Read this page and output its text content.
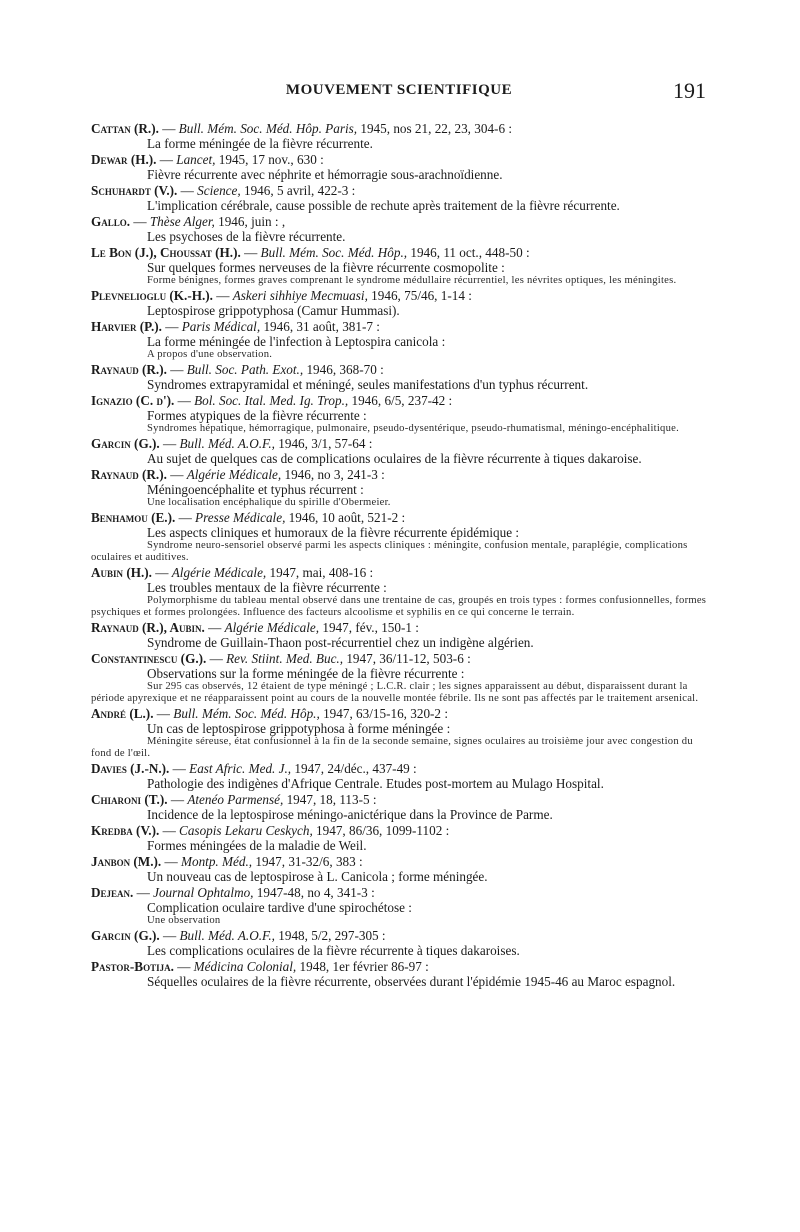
MOUVEMENT SCIENTIFIQUE	191
Cattan (R.). — Bull. Mém. Soc. Méd. Hôp. Paris, 1945, nos 21, 22, 23, 304-6 :
La forme méningée de la fièvre récurrente.
Dewar (H.). — Lancet, 1945, 17 nov., 630 :
Fièvre récurrente avec néphrite et hémorragie sous-arachnoïdienne.
Schuhardt (V.). — Science, 1946, 5 avril, 422-3 :
L'implication cérébrale, cause possible de rechute après traitement de la fièvre récurrente.
Gallo. — Thèse Alger, 1946, juin : ,
Les psychoses de la fièvre récurrente.
Le Bon (J.), Choussat (H.). — Bull. Mém. Soc. Méd. Hôp., 1946, 11 oct., 448-50 :
Sur quelques formes nerveuses de la fièvre récurrente cosmopolite :
Forme bénignes, formes graves comprenant le syndrome médullaire récurrentiel, les névrites optiques, les méningites.
Plevnelioglu (K.-H.). — Askeri sihhiye Mecmuasi, 1946, 75/46, 1-14 :
Leptospirose grippotyphosa (Camur Hummasi).
Harvier (P.). — Paris Médical, 1946, 31 août, 381-7 :
La forme méningée de l'infection à Leptospira canicola :
A propos d'une observation.
Raynaud (R.). — Bull. Soc. Path. Exot., 1946, 368-70 :
Syndromes extrapyramidal et méningé, seules manifestations d'un typhus récurrent.
Ignazio (C. d'). — Bol. Soc. Ital. Med. Ig. Trop., 1946, 6/5, 237-42 :
Formes atypiques de la fièvre récurrente :
Syndromes hépatique, hémorragique, pulmonaire, pseudo-dysentérique, pseudo-rhumatismal, méningo-encéphalitique.
Garcin (G.). — Bull. Méd. A.O.F., 1946, 3/1, 57-64 :
Au sujet de quelques cas de complications oculaires de la fièvre récurrente à tiques dakaroise.
Raynaud (R.). — Algérie Médicale, 1946, no 3, 241-3 :
Méningoencéphalite et typhus récurrent :
Une localisation encéphalique du spirille d'Obermeier.
Benhamou (E.). — Presse Médicale, 1946, 10 août, 521-2 :
Les aspects cliniques et humoraux de la fièvre récurrente épidémique :
Syndrome neuro-sensoriel observé parmi les aspects cliniques : méningite, confusion mentale, paraplégie, complications oculaires et auditives.
Aubin (H.). — Algérie Médicale, 1947, mai, 408-16 :
Les troubles mentaux de la fièvre récurrente :
Polymorphisme du tableau mental observé dans une trentaine de cas, groupés en trois types : formes confusionnelles, formes psychiques et formes prolongées. Influence des facteurs alcoolisme et syphilis en ce qui concerne le terrain.
Raynaud (R.), Aubin. — Algérie Médicale, 1947, fév., 150-1 :
Syndrome de Guillain-Thaon post-récurrentiel chez un indigène algérien.
Constantinescu (G.). — Rev. Stiint. Med. Buc., 1947, 36/11-12, 503-6 :
Observations sur la forme méningée de la fièvre récurrente :
Sur 295 cas observés, 12 étaient de type méningé ; L.C.R. clair ; les signes apparaissent au début, disparaissent durant la période apyrexique et ne réapparaissent point au cours de la nouvelle montée fébrile. Ils ne sont pas affectés par le traitement arsenical.
André (L.). — Bull. Mém. Soc. Méd. Hôp., 1947, 63/15-16, 320-2 :
Un cas de leptospirose grippotyphosa à forme méningée :
Méningite séreuse, état confusionnel à la fin de la seconde semaine, signes oculaires au troisième jour avec congestion du fond de l'œil.
Davies (J.-N.). — East Afric. Med. J., 1947, 24/déc., 437-49 :
Pathologie des indigènes d'Afrique Centrale. Etudes post-mortem au Mulago Hospital.
Chiaroni (T.). — Atenéo Parmensé, 1947, 18, 113-5 :
Incidence de la leptospirose méningo-anictérique dans la Province de Parme.
Kredba (V.). — Casopis Lekaru Ceskych, 1947, 86/36, 1099-1102 :
Formes méningées de la maladie de Weil.
Janbon (M.). — Montp. Méd., 1947, 31-32/6, 383 :
Un nouveau cas de leptospirose à L. Canicola ; forme méningée.
Dejean. — Journal Ophtalmo, 1947-48, no 4, 341-3 :
Complication oculaire tardive d'une spirochétose :
Une observation
Garcin (G.). — Bull. Méd. A.O.F., 1948, 5/2, 297-305 :
Les complications oculaires de la fièvre récurrente à tiques dakaroises.
Pastor-Botija. — Médicina Colonial, 1948, 1er février 86-97 :
Séquelles oculaires de la fièvre récurrente, observées durant l'épidémie 1945-46 au Maroc espagnol.
